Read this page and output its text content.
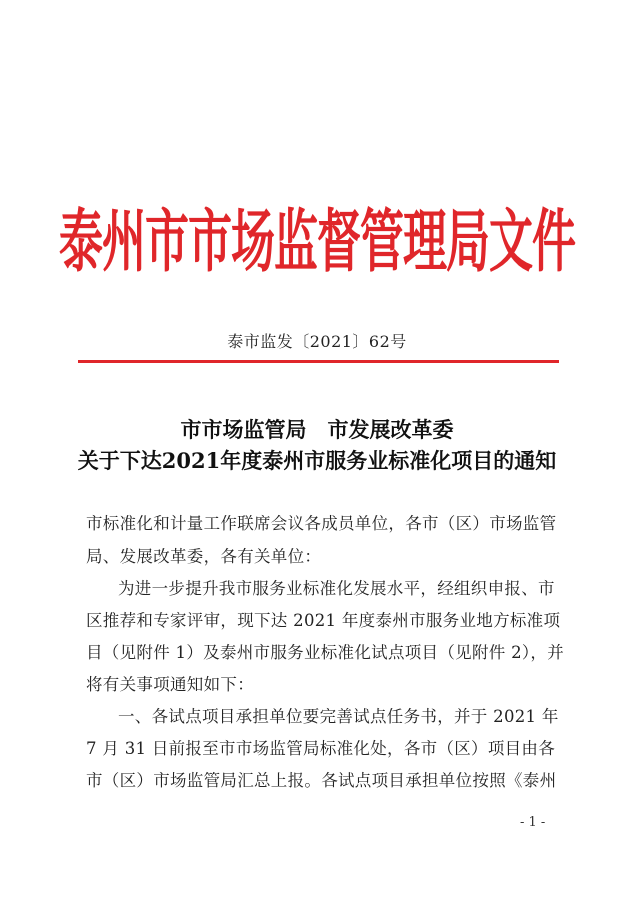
泰州市市场监督管理局文件
泰市监发〔2021〕62号
市市场监管局　市发展改革委
关于下达2021年度泰州市服务业标准化项目的通知
市标准化和计量工作联席会议各成员单位，各市（区）市场监管
局、发展改革委，各有关单位：
为进一步提升我市服务业标准化发展水平，经组织申报、市
区推荐和专家评审，现下达 2021 年度泰州市服务业地方标准项
目（见附件 1）及泰州市服务业标准化试点项目（见附件 2），并
将有关事项通知如下：
一、各试点项目承担单位要完善试点任务书，并于 2021 年
7 月 31 日前报至市市场监管局标准化处，各市（区）项目由各
市（区）市场监管局汇总上报。各试点项目承担单位按照《泰州
- 1 -
